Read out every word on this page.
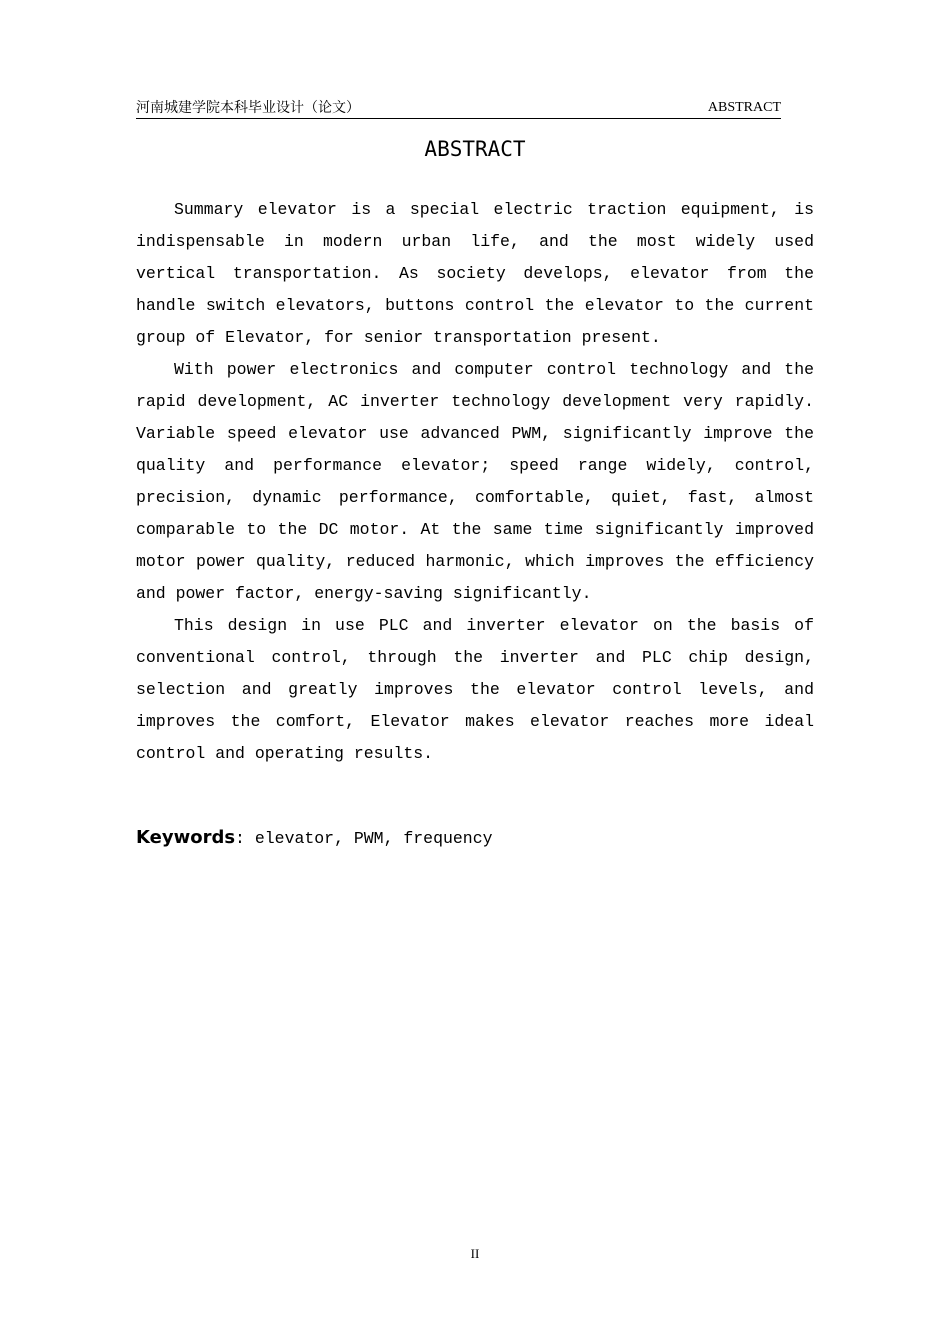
河南城建学院本科毕业设计（论文）	ABSTRACT
ABSTRACT

Summary elevator is a special electric traction equipment, is indispensable in modern urban life, and the most widely used vertical transportation. As society develops, elevator from the handle switch elevators, buttons control the elevator to the current group of Elevator, for senior transportation present.

With power electronics and computer control technology and the rapid development, AC inverter technology development very rapidly. Variable speed elevator use advanced PWM, significantly improve the quality and performance elevator; speed range widely, control, precision, dynamic performance, comfortable, quiet, fast, almost comparable to the DC motor. At the same time significantly improved motor power quality, reduced harmonic, which improves the efficiency and power factor, energy-saving significantly.

This design in use PLC and inverter elevator on the basis of conventional control, through the inverter and PLC chip design, selection and greatly improves the elevator control levels, and improves the comfort, Elevator makes elevator reaches more ideal control and operating results.

Keywords: elevator, PWM, frequency
II
